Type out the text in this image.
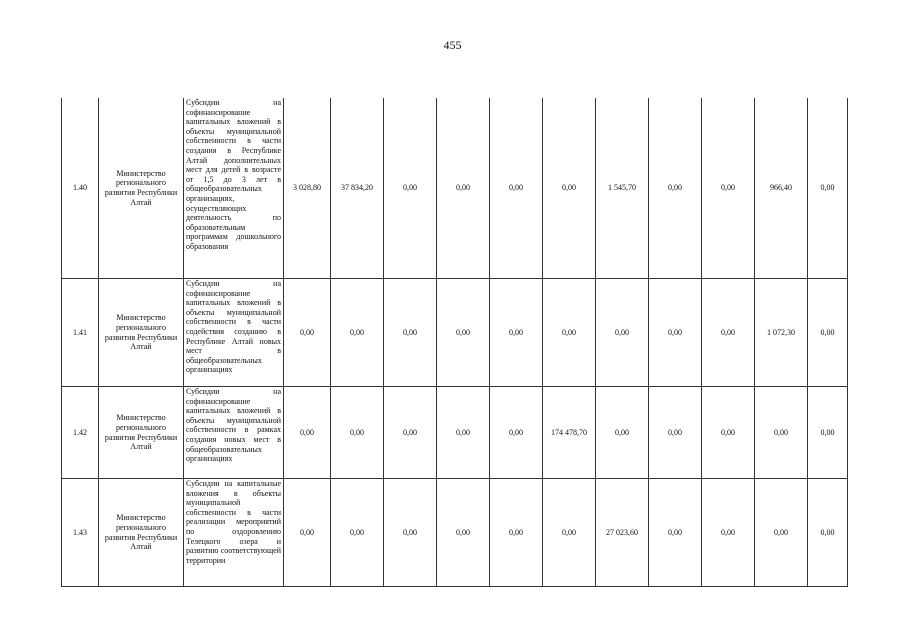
455
1.40	Министерство регионального развития Республики Алтай	Субсидии на софинансирование капитальных вложений в объекты муниципальной собственности в части создания в Республике Алтай дополнительных мест для детей в возрасте от 1,5 до 3 лет в общеобразовательных организациях, осуществляющих деятельность по образовательным программам дошкольного образования	3 028,80	37 834,20	0,00	0,00	0,00	0,00	1 545,70	0,00	0,00	966,40	0,00
1.41	Министерство регионального развития Республики Алтай	Субсидии на софинансирование капитальных вложений в объекты муниципальной собственности в части содействия созданию в Республике Алтай новых мест в общеобразовательных организациях	0,00	0,00	0,00	0,00	0,00	0,00	0,00	0,00	0,00	1 072,30	0,00
1.42	Министерство регионального развития Республики Алтай	Субсидии на софинансирование капитальных вложений в объекты муниципальной собственности в рамках создания новых мест в общеобразовательных организациях	0,00	0,00	0,00	0,00	0,00	174 478,70	0,00	0,00	0,00	0,00	0,00
1.43	Министерство регионального развития Республики Алтай	Субсидии на капитальные вложения в объекты муниципальной собственности в части реализации мероприятий по оздоровлению Телецкого озера и развитию соответствующей территории	0,00	0,00	0,00	0,00	0,00	0,00	27 023,60	0,00	0,00	0,00	0,00
